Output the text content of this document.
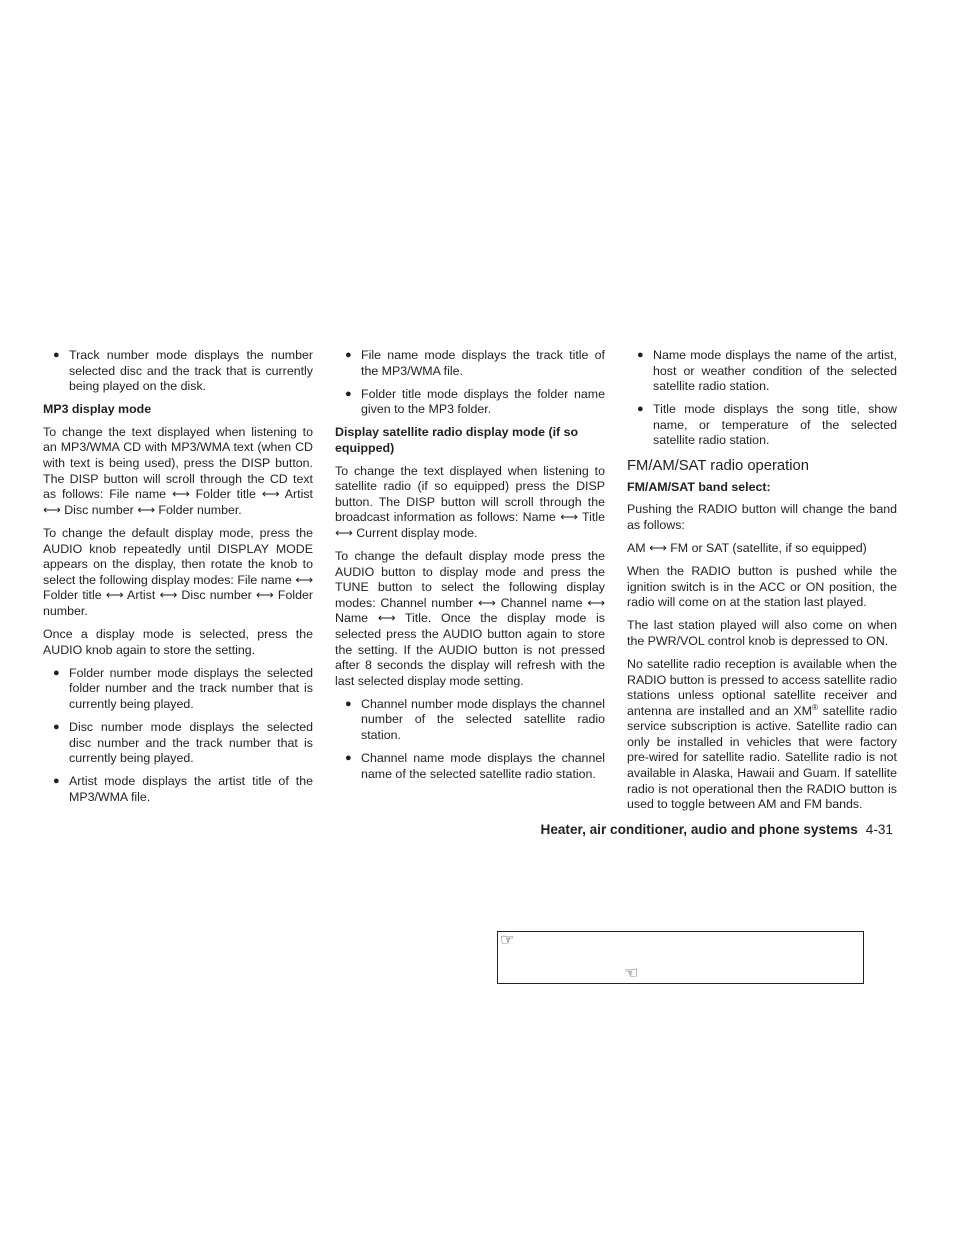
● Track number mode displays the number selected disc and the track that is currently being played on the disk.
MP3 display mode

To change the text displayed when listening to an MP3/WMA CD with MP3/WMA text (when CD with text is being used), press the DISP button. The DISP button will scroll through the CD text as follows: File name ⟷ Folder title ⟷ Artist ⟷ Disc number ⟷ Folder number.

To change the default display mode, press the AUDIO knob repeatedly until DISPLAY MODE appears on the display, then rotate the knob to select the following display modes: File name ⟷ Folder title ⟷ Artist ⟷ Disc number ⟷ Folder number.

Once a display mode is selected, press the AUDIO knob again to store the setting.

● Folder number mode displays the selected folder number and the track number that is currently being played.
● Disc number mode displays the selected disc number and the track number that is currently being played.
● Artist mode displays the artist title of the MP3/WMA file.
● File name mode displays the track title of the MP3/WMA file.
● Folder title mode displays the folder name given to the MP3 folder.
Display satellite radio display mode (if so equipped)

To change the text displayed when listening to satellite radio (if so equipped) press the DISP button. The DISP button will scroll through the broadcast information as follows: Name ⟷ Title ⟷ Current display mode.

To change the default display mode press the AUDIO button to display mode and press the TUNE button to select the following display modes: Channel number ⟷ Channel name ⟷ Name ⟷ Title. Once the display mode is selected press the AUDIO button again to store the setting. If the AUDIO button is not pressed after 8 seconds the display will refresh with the last selected display mode setting.

● Channel number mode displays the channel number of the selected satellite radio station.
● Channel name mode displays the channel name of the selected satellite radio station.
● Name mode displays the name of the artist, host or weather condition of the selected satellite radio station.
● Title mode displays the song title, show name, or temperature of the selected satellite radio station.
FM/AM/SAT radio operation
FM/AM/SAT band select:

Pushing the RADIO button will change the band as follows:

AM ⟷ FM or SAT (satellite, if so equipped)

When the RADIO button is pushed while the ignition switch is in the ACC or ON position, the radio will come on at the station last played.

The last station played will also come on when the PWR/VOL control knob is depressed to ON.

No satellite radio reception is available when the RADIO button is pressed to access satellite radio stations unless optional satellite receiver and antenna are installed and an XM® satellite radio service subscription is active. Satellite radio can only be installed in vehicles that were factory pre-wired for satellite radio. Satellite radio is not available in Alaska, Hawaii and Guam. If satellite radio is not operational then the RADIO button is used to toggle between AM and FM bands.

Heater, air conditioner, audio and phone systems 4-31
☞
☜
